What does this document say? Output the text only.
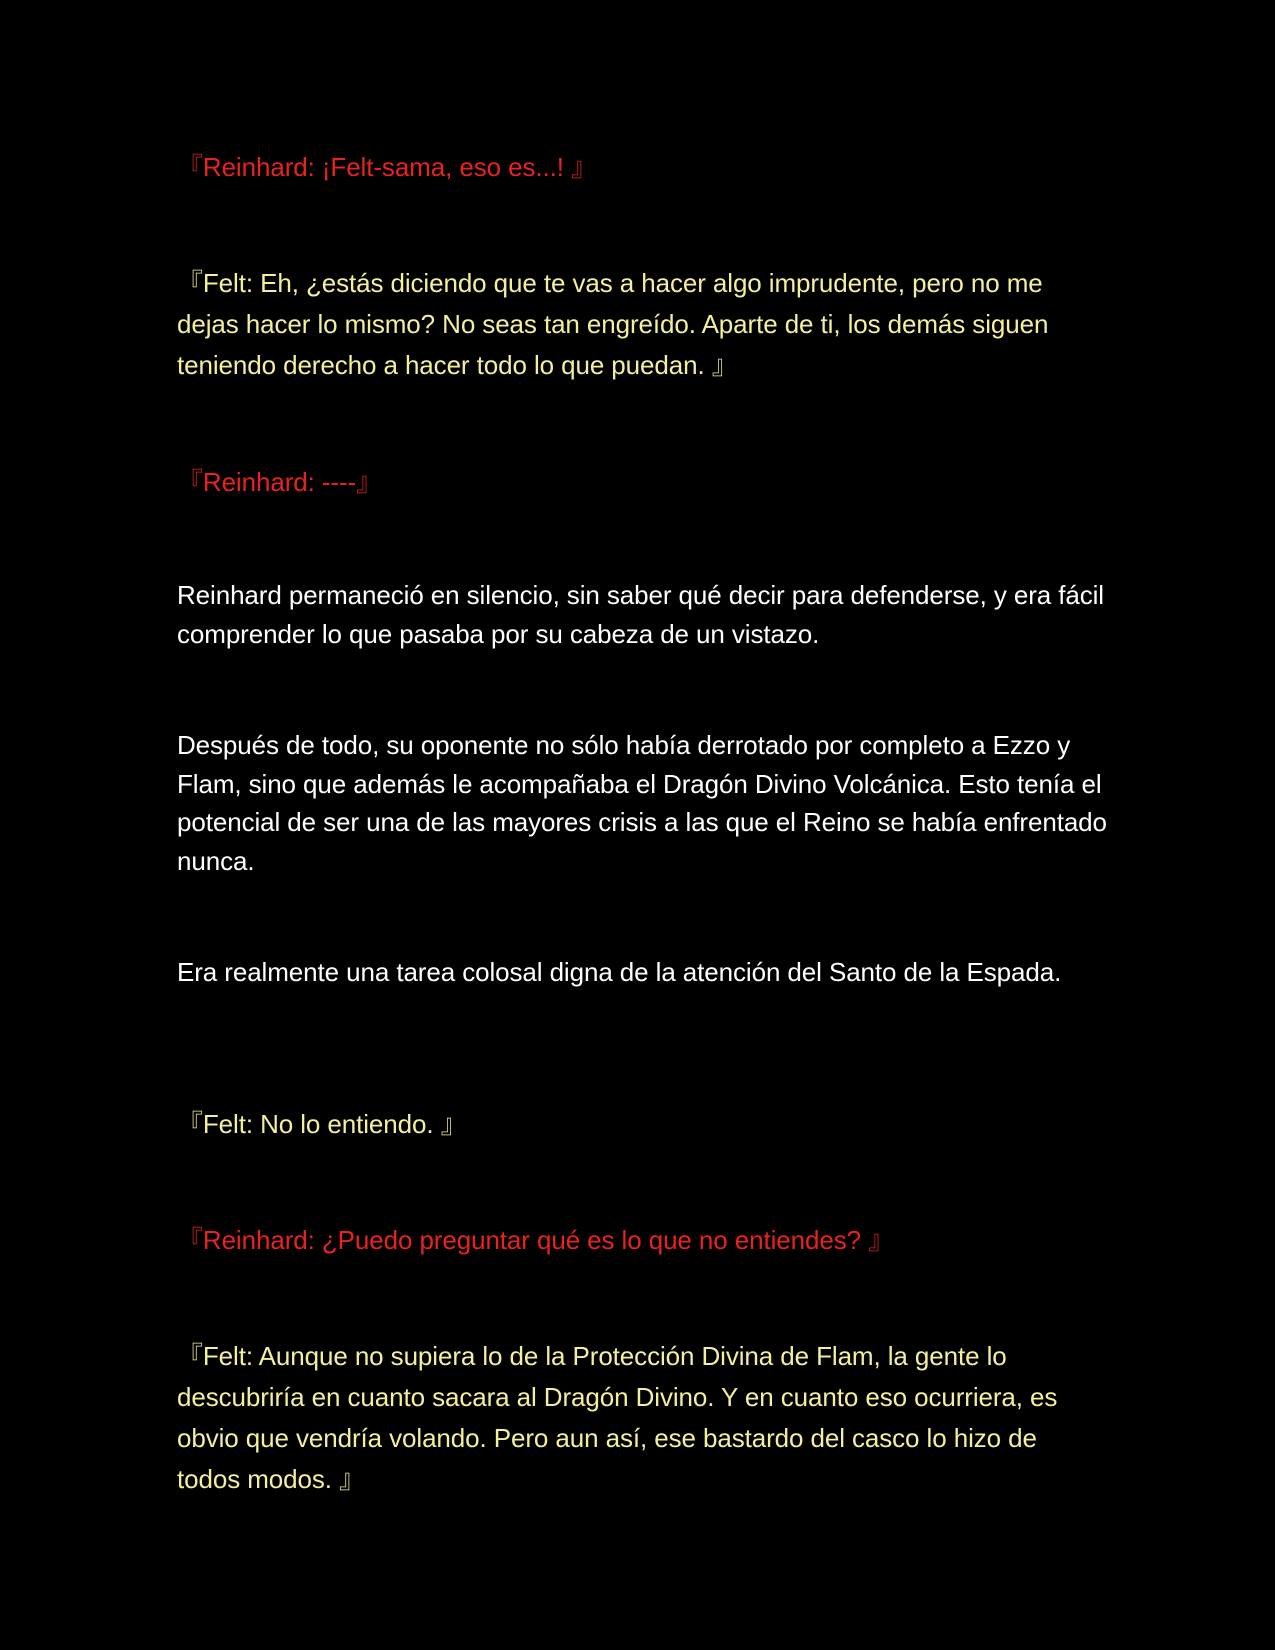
『Reinhard: ¡Felt-sama, eso es...! 』

『Felt: Eh, ¿estás diciendo que te vas a hacer algo imprudente, pero no me dejas hacer lo mismo? No seas tan engreído. Aparte de ti, los demás siguen teniendo derecho a hacer todo lo que puedan. 』

『Reinhard: ----』

Reinhard permaneció en silencio, sin saber qué decir para defenderse, y era fácil comprender lo que pasaba por su cabeza de un vistazo.

Después de todo, su oponente no sólo había derrotado por completo a Ezzo y Flam, sino que además le acompañaba el Dragón Divino Volcánica. Esto tenía el potencial de ser una de las mayores crisis a las que el Reino se había enfrentado nunca.

Era realmente una tarea colosal digna de la atención del Santo de la Espada.

『Felt: No lo entiendo. 』

『Reinhard: ¿Puedo preguntar qué es lo que no entiendes? 』

『Felt: Aunque no supiera lo de la Protección Divina de Flam, la gente lo descubriría en cuanto sacara al Dragón Divino. Y en cuanto eso ocurriera, es obvio que vendría volando. Pero aun así, ese bastardo del casco lo hizo de todos modos. 』
